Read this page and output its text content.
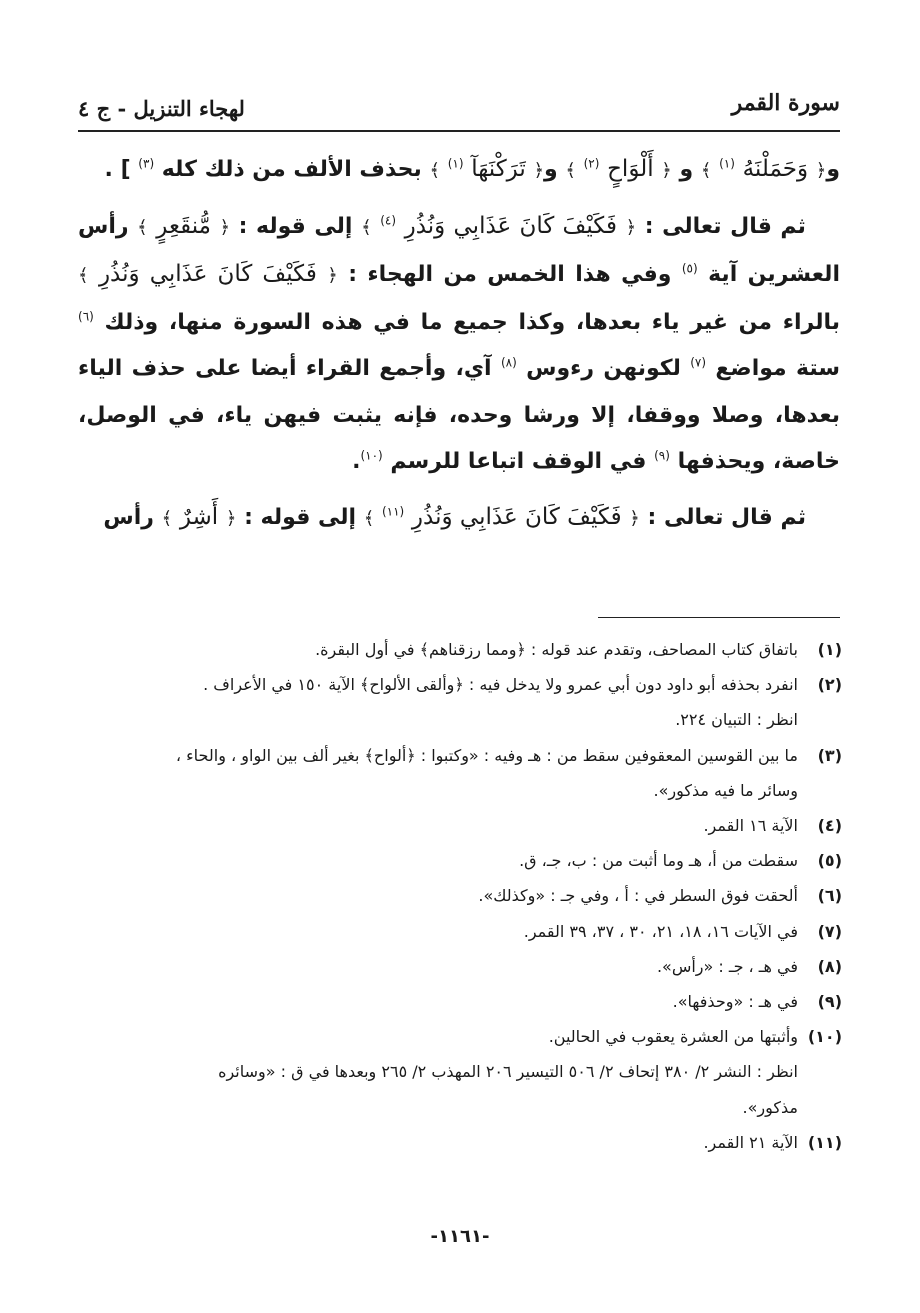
سورة القمر
لهجاء التنزيل - ج ٤

و﴿ وَحَمَلْنَهُ $^{(١)}$ ﴾ و ﴿ أَلْوَاحٍ $^{(٢)}$ ﴾ و﴿ تَرَكْنَهَآ $^{(١)}$ ﴾ بحذف الألف من ذلك كله $^{(٣)}$ ] .

ثم قال تعالى : ﴿ فَكَيْفَ كَانَ عَذَابِي وَنُذُرِ $^{(٤)}$ ﴾ إلى قوله : ﴿ مُّنقَعِرٍ ﴾ رأس العشرين آية $^{(٥)}$ وفي هذا الخمس من الهجاء : ﴿ فَكَيْفَ كَانَ عَذَابِي وَنُذُرِ ﴾ بالراء من غير ياء بعدها، وكذا جميع ما في هذه السورة منها، وذلك $^{(٦)}$ ستة مواضع $^{(٧)}$ لكونهن رءوس $^{(٨)}$ آي، وأجمع القراء أيضا على حذف الياء بعدها، وصلا ووقفا، إلا ورشا وحده، فإنه يثبت فيهن ياء، في الوصل، خاصة، ويحذفها $^{(٩)}$ في الوقف اتباعا للرسم $^{(١٠)}$.

ثم قال تعالى : ﴿ فَكَيْفَ كَانَ عَذَابِي وَنُذُرِ $^{(١١)}$ ﴾ إلى قوله : ﴿ أَشِرٌ ﴾ رأس

(١)
باتفاق كتاب المصاحف، وتقدم عند قوله : ﴿ومما رزقناهم﴾ في أول البقرة.
(٢)
انفرد بحذفه أبو داود دون أبي عمرو ولا يدخل فيه : ﴿وألقى الألواح﴾ الآية ١٥٠ في الأعراف .
انظر : التبيان ٢٢٤.
(٣)
ما بين القوسين المعقوفين سقط من : هـ وفيه : «وكتبوا : ﴿ألواح﴾ بغير ألف بين الواو ، والحاء ،
وسائر ما فيه مذكور».
(٤)
الآية ١٦ القمر.
(٥)
سقطت من أ، هـ وما أثبت من : ب، جـ، ق.
(٦)
ألحقت فوق السطر في : أ ، وفي جـ : «وكذلك».
(٧)
في الآيات ١٦، ١٨، ٢١، ٣٠ ، ٣٧، ٣٩ القمر.
(٨)
في هـ ، جـ : «رأس».
(٩)
في هـ : «وحذفها».
(١٠)
وأثبتها من العشرة يعقوب في الحالين.
انظر : النشر ٢/ ٣٨٠ إتحاف ٢/ ٥٠٦ التيسير ٢٠٦ المهذب ٢/ ٢٦٥ وبعدها في ق : «وسائره
مذكور».
(١١)
الآية ٢١ القمر.
-١١٦١-
